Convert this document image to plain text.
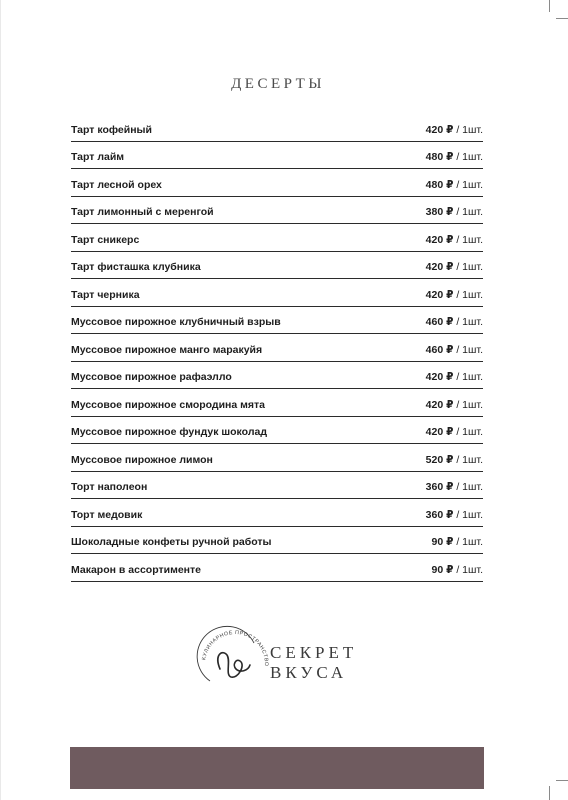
ДЕСЕРТЫ
Тарт кофейный	420 ₽ / 1шт.
Тарт лайм	480 ₽ / 1шт.
Тарт лесной орех	480 ₽ / 1шт.
Тарт лимонный с меренгой	380 ₽ / 1шт.
Тарт сникерс	420 ₽ / 1шт.
Тарт фисташка клубника	420 ₽ / 1шт.
Тарт черника	420 ₽ / 1шт.
Муссовое пирожное клубничный взрыв	460 ₽ / 1шт.
Муссовое пирожное манго маракуйя	460 ₽ / 1шт.
Муссовое пирожное рафаэлло	420 ₽ / 1шт.
Муссовое пирожное смородина мята	420 ₽ / 1шт.
Муссовое пирожное фундук шоколад	420 ₽ / 1шт.
Муссовое пирожное лимон	520 ₽ / 1шт.
Торт наполеон	360 ₽ / 1шт.
Торт медовик	360 ₽ / 1шт.
Шоколадные конфеты ручной работы	90 ₽ / 1шт.
Макарон в ассортименте	90 ₽ / 1шт.
КУЛИНАРНОЕ ПРОСТРАНСТВО
СЕКРЕТ
ВКУСА
